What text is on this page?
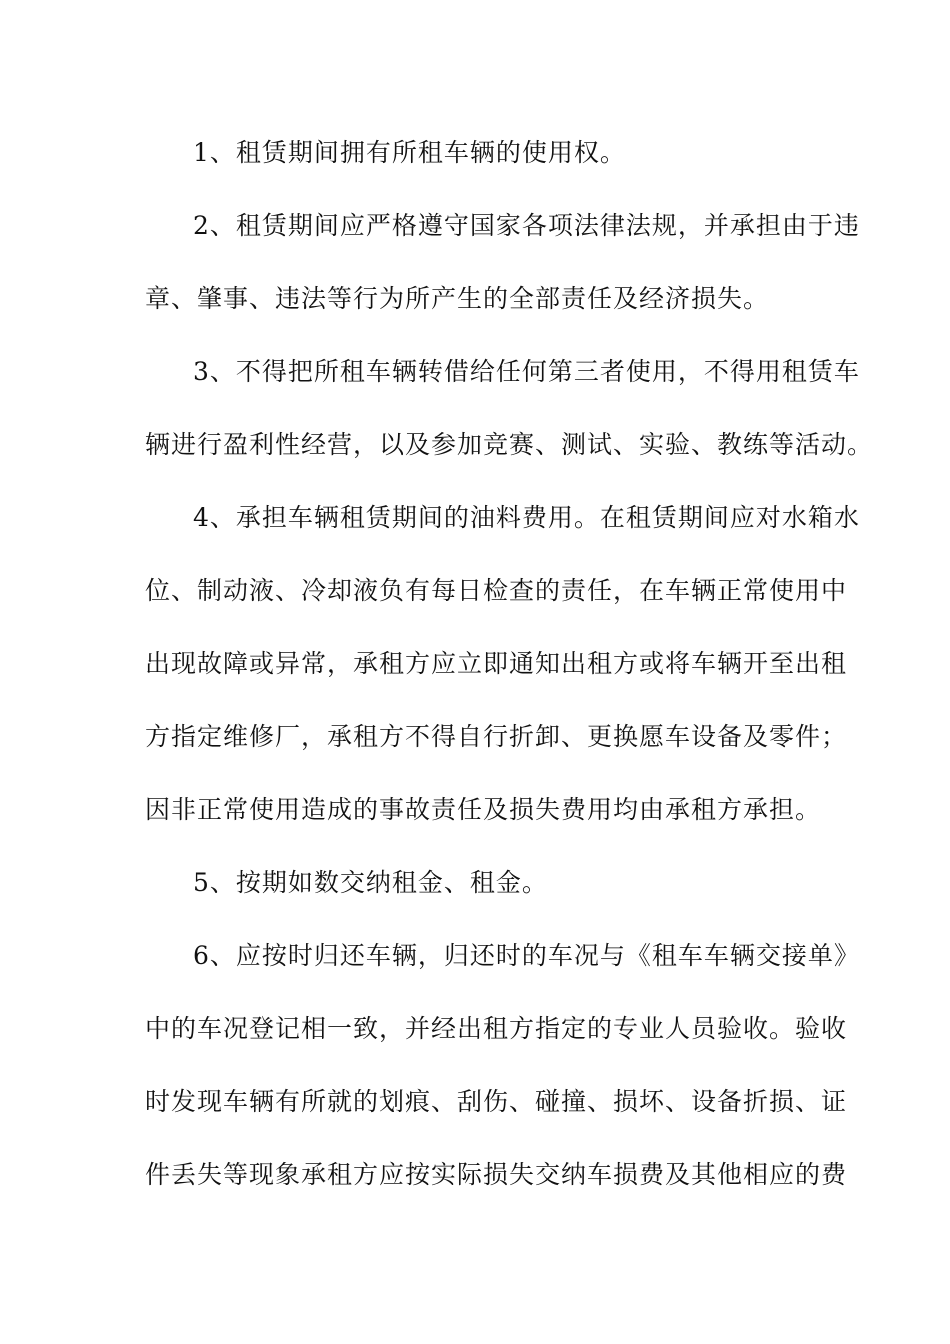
1、租赁期间拥有所租车辆的使用权。
2、租赁期间应严格遵守国家各项法律法规，并承担由于违
章、肇事、违法等行为所产生的全部责任及经济损失。
3、不得把所租车辆转借给任何第三者使用，不得用租赁车
辆进行盈利性经营，以及参加竞赛、测试、实验、教练等活动。
4、承担车辆租赁期间的油料费用。在租赁期间应对水箱水
位、制动液、冷却液负有每日检查的责任，在车辆正常使用中
出现故障或异常，承租方应立即通知出租方或将车辆开至出租
方指定维修厂，承租方不得自行折卸、更换愿车设备及零件；
因非正常使用造成的事故责任及损失费用均由承租方承担。
5、按期如数交纳租金、租金。
6、应按时归还车辆，归还时的车况与《租车车辆交接单》
中的车况登记相一致，并经出租方指定的专业人员验收。验收
时发现车辆有所就的划痕、刮伤、碰撞、损坏、设备折损、证
件丢失等现象承租方应按实际损失交纳车损费及其他相应的费
